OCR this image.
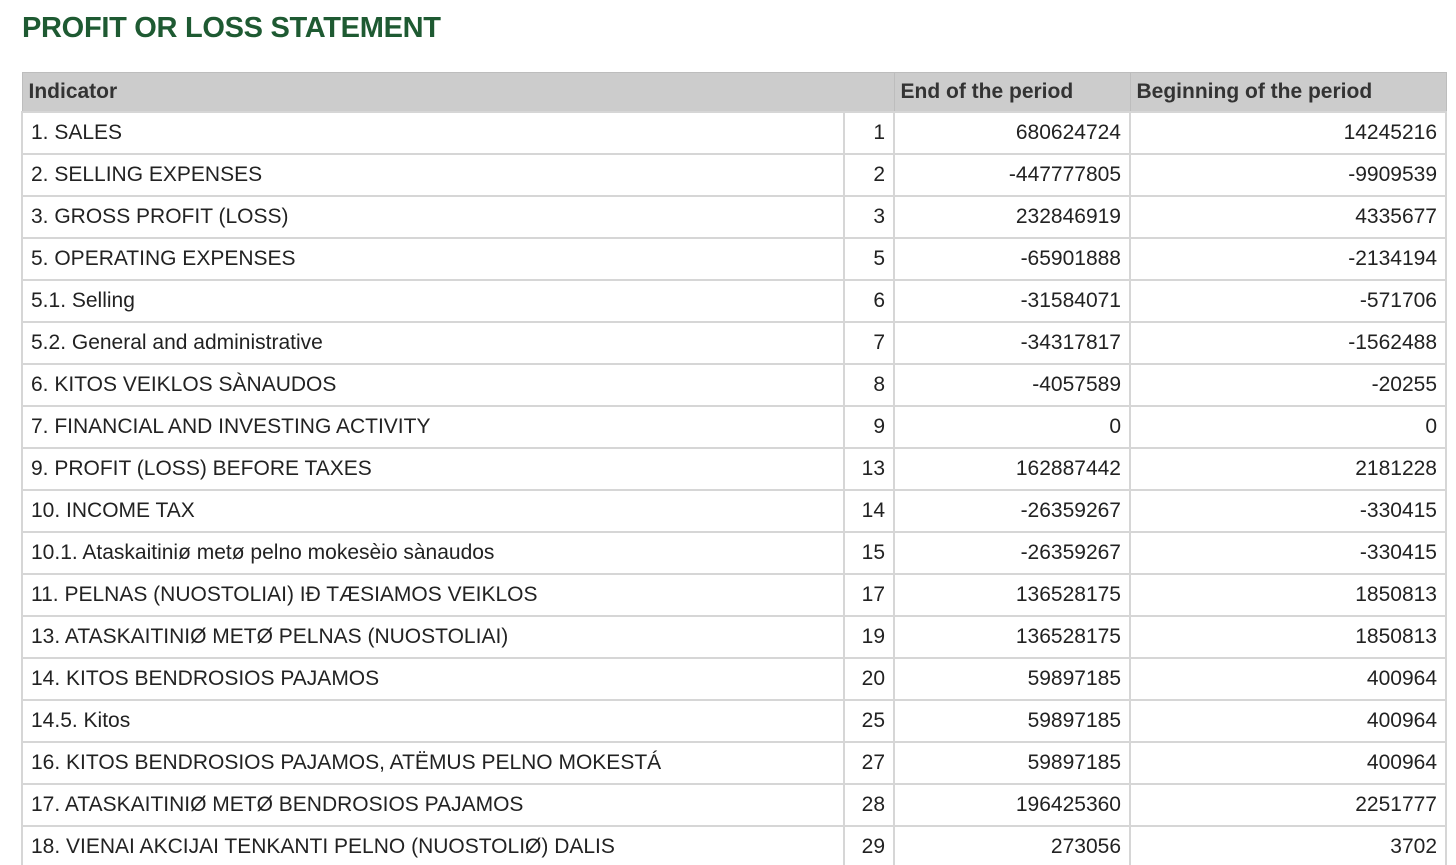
PROFIT OR LOSS STATEMENT
Indicator		End of the period	Beginning of the period
1. SALES	1	680624724	14245216
2. SELLING EXPENSES	2	-447777805	-9909539
3. GROSS PROFIT (LOSS)	3	232846919	4335677
5. OPERATING EXPENSES	5	-65901888	-2134194
5.1. Selling	6	-31584071	-571706
5.2. General and administrative	7	-34317817	-1562488
6. KITOS VEIKLOS SÀNAUDOS	8	-4057589	-20255
7. FINANCIAL AND INVESTING ACTIVITY	9	0	0
9. PROFIT (LOSS) BEFORE TAXES	13	162887442	2181228
10. INCOME TAX	14	-26359267	-330415
10.1. Ataskaitiniø metø pelno mokesèio sànaudos	15	-26359267	-330415
11. PELNAS (NUOSTOLIAI) IÐ TÆSIAMOS VEIKLOS	17	136528175	1850813
13. ATASKAITINIØ METØ PELNAS (NUOSTOLIAI)	19	136528175	1850813
14. KITOS BENDROSIOS PAJAMOS	20	59897185	400964
14.5. Kitos	25	59897185	400964
16. KITOS BENDROSIOS PAJAMOS, ATËMUS PELNO MOKESTÁ	27	59897185	400964
17. ATASKAITINIØ METØ BENDROSIOS PAJAMOS	28	196425360	2251777
18. VIENAI AKCIJAI TENKANTI PELNO (NUOSTOLIØ) DALIS	29	273056	3702
